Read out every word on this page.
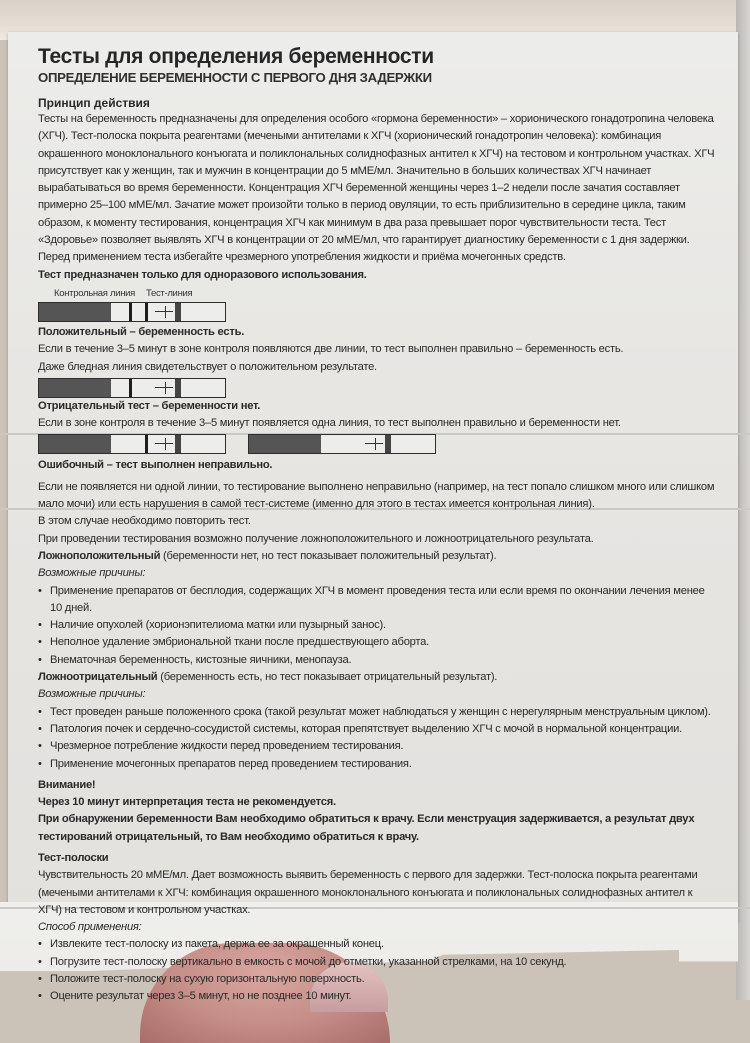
Тесты для определения беременности
ОПРЕДЕЛЕНИЕ БЕРЕМЕННОСТИ С ПЕРВОГО ДНЯ ЗАДЕРЖКИ
Принцип действия

Тесты на беременность предназначены для определения особого «гормона беременности» – хорионического гонадотропина человека (ХГЧ). Тест-полоска покрыта реагентами (мечеными антителами к ХГЧ (хорионический гонадотропин человека): комбинация окрашенного моноклонального конъюгата и поликлональных солиднофазных антител к ХГЧ) на тестовом и контрольном участках. ХГЧ присутствует как у женщин, так и мужчин в концентрации до 5 мМЕ/мл. Значительно в больших количествах ХГЧ начинает вырабатываться во время беременности. Концентрация ХГЧ беременной женщины через 1–2 недели после зачатия составляет примерно 25–100 мМЕ/мл. Зачатие может произойти только в период овуляции, то есть приблизительно в середине цикла, таким образом, к моменту тестирования, концентрация ХГЧ как минимум в два раза превышает порог чувствительности теста. Тест «Здоровье» позволяет выявлять ХГЧ в концентрации от 20 мМЕ/мл, что гарантирует диагностику беременности с 1 дня задержки. Перед применением теста избегайте чрезмерного употребления жидкости и приёма мочегонных средств.

Тест предназначен только для одноразового использования.

Контрольная линия Тест-линия

Положительный – беременность есть.

Если в течение 3–5 минут в зоне контроля появляются две линии, то тест выполнен правильно – беременность есть.

Даже бледная линия свидетельствует о положительном результате.

Отрицательный тест – беременности нет.

Если в зоне контроля в течение 3–5 минут появляется одна линия, то тест выполнен правильно и беременности нет.

Ошибочный – тест выполнен неправильно.

Если не появляется ни одной линии, то тестирование выполнено неправильно (например, на тест попало слишком много или слишком мало мочи) или есть нарушения в самой тест-системе (именно для этого в тестах имеется контрольная линия).

В этом случае необходимо повторить тест.

При проведении тестирования возможно получение ложноположительного и ложноотрицательного результата.

Ложноположительный (беременности нет, но тест показывает положительный результат).

Возможные причины:

• Применение препаратов от бесплодия, содержащих ХГЧ в момент проведения теста или если время по окончании лечения менее 10 дней.
• Наличие опухолей (хорионэпителиома матки или пузырный занос).
• Неполное удаление эмбриональной ткани после предшествующего аборта.
• Внематочная беременность, кистозные яичники, менопауза.

Ложноотрицательный (беременность есть, но тест показывает отрицательный результат).

Возможные причины:

• Тест проведен раньше положенного срока (такой результат может наблюдаться у женщин с нерегулярным менструальным циклом).
• Патология почек и сердечно-сосудистой системы, которая препятствует выделению ХГЧ с мочой в нормальной концентрации.
• Чрезмерное потребление жидкости перед проведением тестирования.
• Применение мочегонных препаратов перед проведением тестирования.

Внимание!

Через 10 минут интерпретация теста не рекомендуется.

При обнаружении беременности Вам необходимо обратиться к врачу. Если менструация задерживается, а результат двух тестирований отрицательный, то Вам необходимо обратиться к врачу.

Тест-полоски

Чувствительность 20 мМЕ/мл. Дает возможность выявить беременность с первого для задержки. Тест-полоска покрыта реагентами (мечеными антителами к ХГЧ: комбинация окрашенного моноклонального конъюгата и поликлональных солиднофазных антител к ХГЧ) на тестовом и контрольном участках.

Способ применения:

• Извлеките тест-полоску из пакета, держа ее за окрашенный конец.
• Погрузите тест-полоску вертикально в емкость с мочой до отметки, указанной стрелками, на 10 секунд.
• Положите тест-полоску на сухую горизонтальную поверхность.
• Оцените результат через 3–5 минут, но не позднее 10 минут.
